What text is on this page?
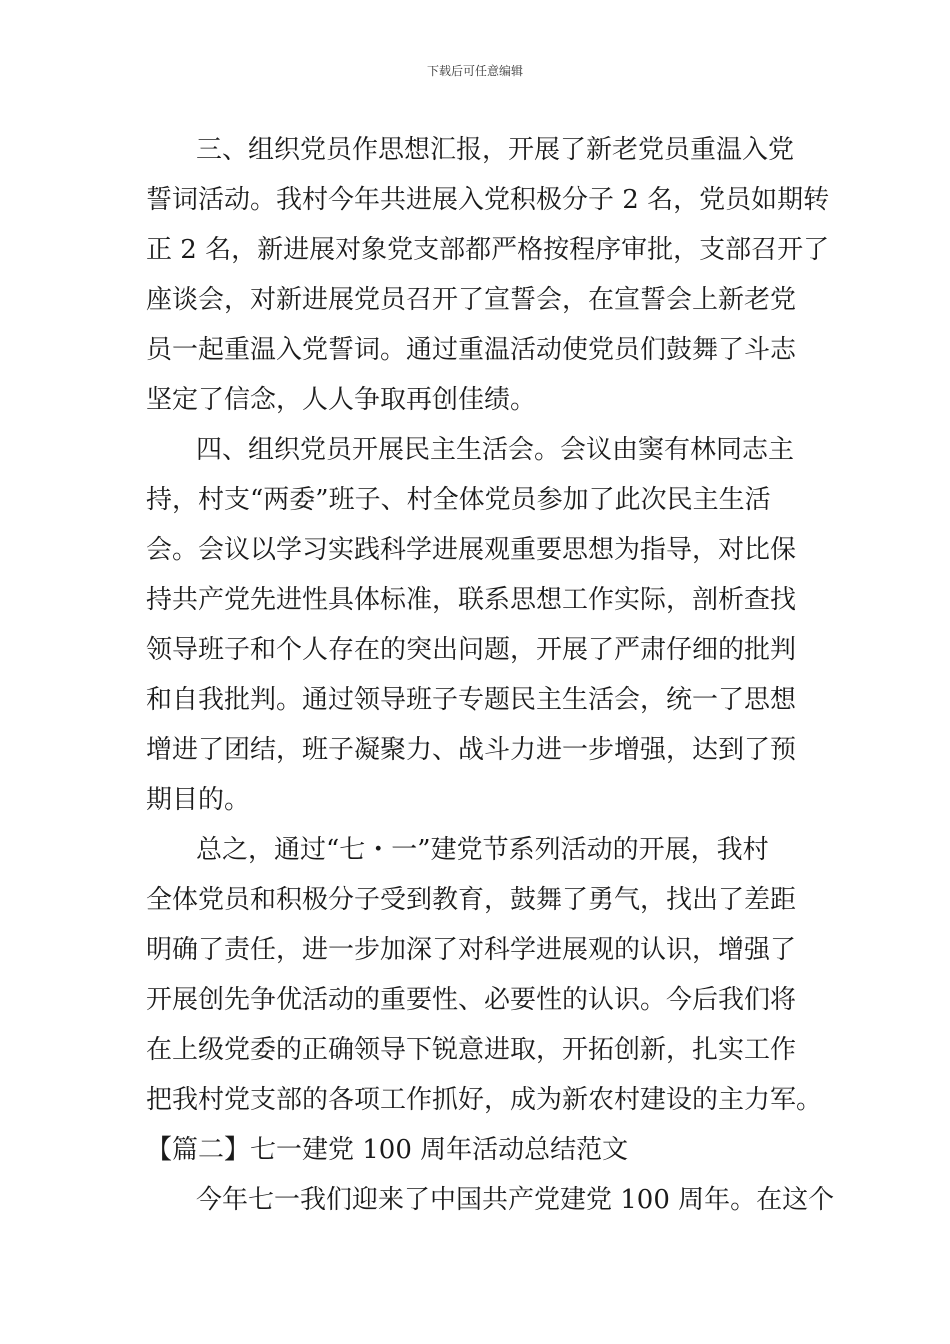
下载后可任意编辑
三、组织党员作思想汇报，开展了新老党员重温入党
誓词活动。我村今年共进展入党积极分子 2 名，党员如期转
正 2 名，新进展对象党支部都严格按程序审批，支部召开了
座谈会，对新进展党员召开了宣誓会，在宣誓会上新老党
员一起重温入党誓词。通过重温活动使党员们鼓舞了斗志
坚定了信念，人人争取再创佳绩。
四、组织党员开展民主生活会。会议由窦有林同志主
持，村支“两委”班子、村全体党员参加了此次民主生活
会。会议以学习实践科学进展观重要思想为指导，对比保
持共产党先进性具体标准，联系思想工作实际，剖析查找
领导班子和个人存在的突出问题，开展了严肃仔细的批判
和自我批判。通过领导班子专题民主生活会，统一了思想
增进了团结，班子凝聚力、战斗力进一步增强，达到了预
期目的。
总之，通过“七・一”建党节系列活动的开展，我村
全体党员和积极分子受到教育，鼓舞了勇气，找出了差距
明确了责任，进一步加深了对科学进展观的认识，增强了
开展创先争优活动的重要性、必要性的认识。今后我们将
在上级党委的正确领导下锐意进取，开拓创新，扎实工作
把我村党支部的各项工作抓好，成为新农村建设的主力军。
【篇二】七一建党 100 周年活动总结范文
今年七一我们迎来了中国共产党建党 100 周年。在这个
